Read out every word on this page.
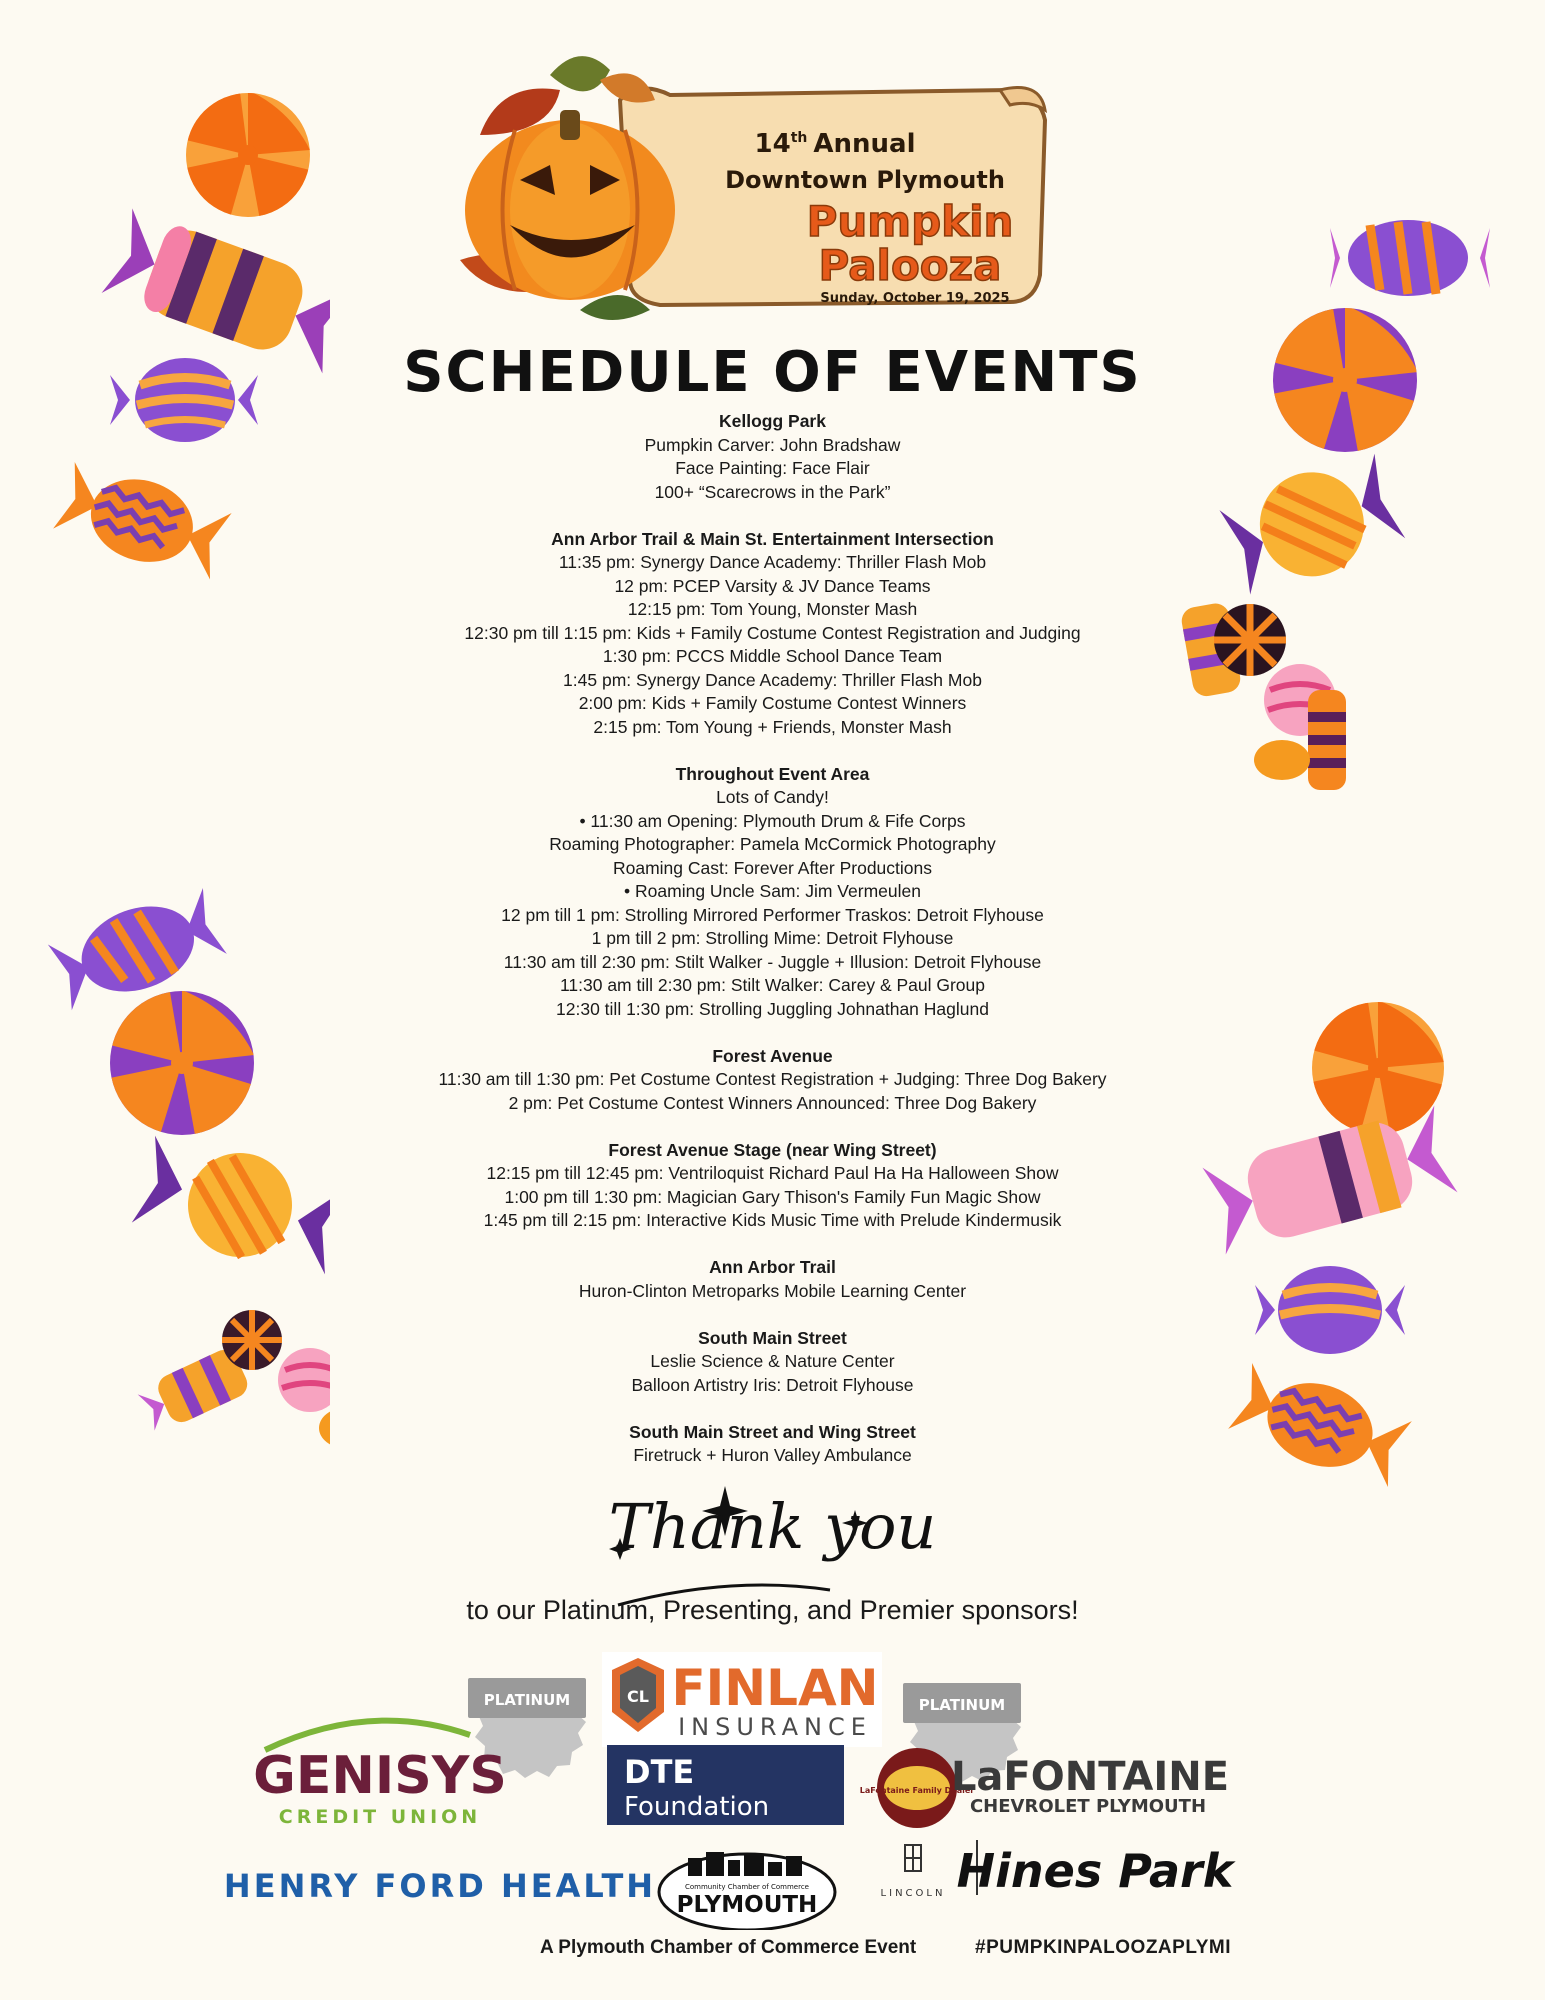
14th Annual
Downtown Plymouth
Pumpkin
Palooza
Sunday, October 19, 2025
SCHEDULE OF EVENTS
Kellogg Park
Pumpkin Carver: John Bradshaw
Face Painting: Face Flair
100+ “Scarecrows in the Park”
Ann Arbor Trail & Main St. Entertainment Intersection
11:35 pm: Synergy Dance Academy: Thriller Flash Mob
12 pm: PCEP Varsity & JV Dance Teams
12:15 pm: Tom Young, Monster Mash
12:30 pm till 1:15 pm: Kids + Family Costume Contest Registration and Judging
1:30 pm: PCCS Middle School Dance Team
1:45 pm: Synergy Dance Academy: Thriller Flash Mob
2:00 pm: Kids + Family Costume Contest Winners
2:15 pm: Tom Young + Friends, Monster Mash
Throughout Event Area
Lots of Candy!
• 11:30 am Opening: Plymouth Drum & Fife Corps
Roaming Photographer: Pamela McCormick Photography
Roaming Cast: Forever After Productions
• Roaming Uncle Sam: Jim Vermeulen
12 pm till 1 pm: Strolling Mirrored Performer Traskos: Detroit Flyhouse
1 pm till 2 pm: Strolling Mime: Detroit Flyhouse
11:30 am till 2:30 pm: Stilt Walker - Juggle + Illusion: Detroit Flyhouse
11:30 am till 2:30 pm: Stilt Walker: Carey & Paul Group
12:30 till 1:30 pm: Strolling Juggling Johnathan Haglund
Forest Avenue
11:30 am till 1:30 pm: Pet Costume Contest Registration + Judging: Three Dog Bakery
2 pm: Pet Costume Contest Winners Announced: Three Dog Bakery
Forest Avenue Stage (near Wing Street)
12:15 pm till 12:45 pm: Ventriloquist Richard Paul Ha Ha Halloween Show
1:00 pm till 1:30 pm: Magician Gary Thison's Family Fun Magic Show
1:45 pm till 2:15 pm: Interactive Kids Music Time with Prelude Kindermusik
Ann Arbor Trail
Huron-Clinton Metroparks Mobile Learning Center
South Main Street
Leslie Science & Nature Center
Balloon Artistry Iris: Detroit Flyhouse
South Main Street and Wing Street
Firetruck + Huron Valley Ambulance
Thank you
to our Platinum, Presenting, and Premier sponsors!
PLATINUM	CL FINLAN
INSURANCE
PLATINUM
GENISYS
CREDIT UNION
DTE
Foundation
LaFontaine Family Dealer
LaFONTAINE
CHEVROLET PLYMOUTH
HENRY FORD HEALTH	Community Chamber of Commerce
PLYMOUTH	LINCOLN Hines Park
A Plymouth Chamber of Commerce Event	#PUMPKINPALOOZAPLYMI
